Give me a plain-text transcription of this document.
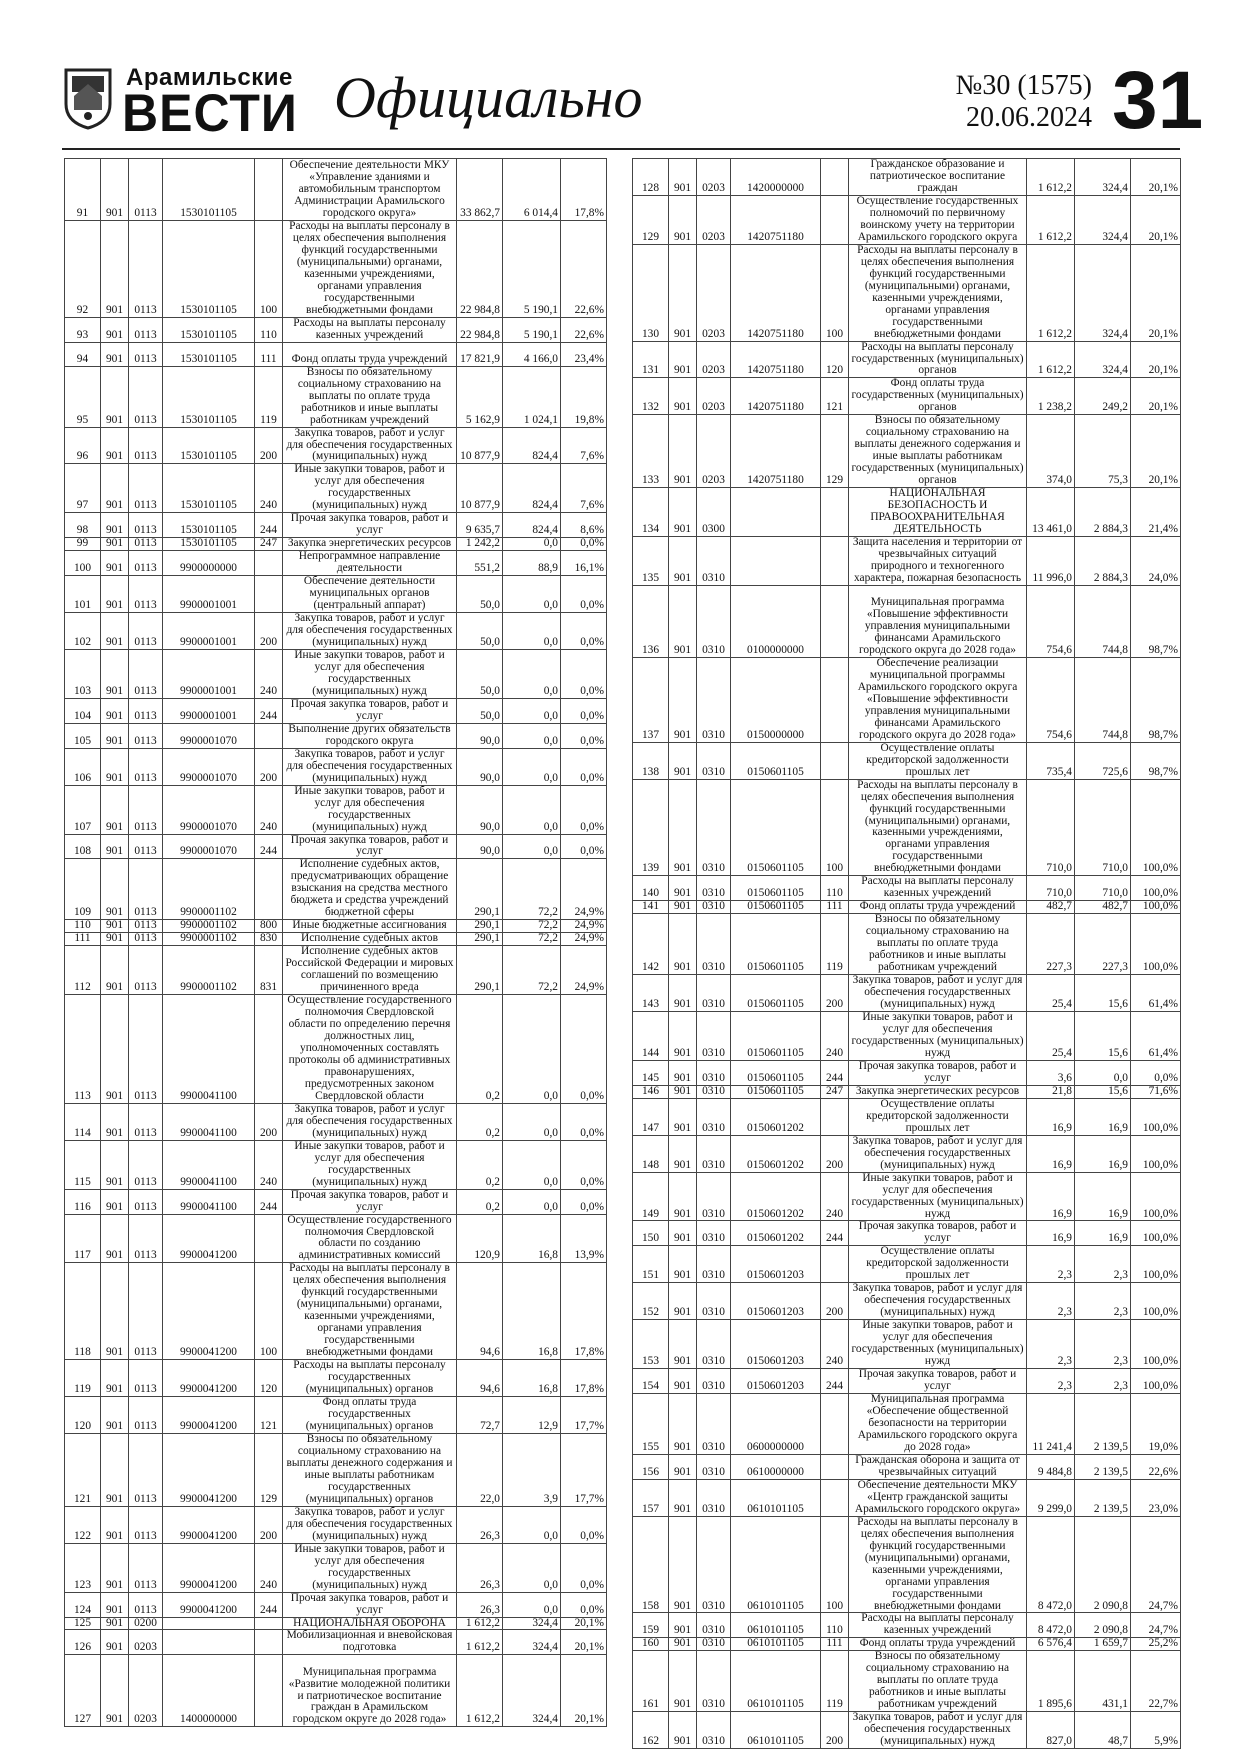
Арамильские
ВЕСТИ Официально	№30 (1575)
20.06.2024 31
91	901	0113	1530101105		Обеспечение деятельности МКУ «Управление зданиями и автомобильным транспортом Администрации Арамильского городского округа»	33 862,7	6 014,4	17,8%
92	901	0113	1530101105	100	Расходы на выплаты персоналу в целях обеспечения выполнения функций государственными (муниципальными) органами, казенными учреждениями, органами управления государственными внебюджетными фондами	22 984,8	5 190,1	22,6%
93	901	0113	1530101105	110	Расходы на выплаты персоналу казенных учреждений	22 984,8	5 190,1	22,6%
94	901	0113	1530101105	111	Фонд оплаты труда учреждений	17 821,9	4 166,0	23,4%
95	901	0113	1530101105	119	Взносы по обязательному социальному страхованию на выплаты по оплате труда работников и иные выплаты работникам учреждений	5 162,9	1 024,1	19,8%
96	901	0113	1530101105	200	Закупка товаров, работ и услуг для обеспечения государственных (муниципальных) нужд	10 877,9	824,4	7,6%
97	901	0113	1530101105	240	Иные закупки товаров, работ и услуг для обеспечения государственных (муниципальных) нужд	10 877,9	824,4	7,6%
98	901	0113	1530101105	244	Прочая закупка товаров, работ и услуг	9 635,7	824,4	8,6%
99	901	0113	1530101105	247	Закупка энергетических ресурсов	1 242,2	0,0	0,0%
100	901	0113	9900000000		Непрограммное направление деятельности	551,2	88,9	16,1%
101	901	0113	9900001001		Обеспечение деятельности муниципальных органов (центральный аппарат)	50,0	0,0	0,0%
102	901	0113	9900001001	200	Закупка товаров, работ и услуг для обеспечения государственных (муниципальных) нужд	50,0	0,0	0,0%
103	901	0113	9900001001	240	Иные закупки товаров, работ и услуг для обеспечения государственных (муниципальных) нужд	50,0	0,0	0,0%
104	901	0113	9900001001	244	Прочая закупка товаров, работ и услуг	50,0	0,0	0,0%
105	901	0113	9900001070		Выполнение других обязательств городского округа	90,0	0,0	0,0%
106	901	0113	9900001070	200	Закупка товаров, работ и услуг для обеспечения государственных (муниципальных) нужд	90,0	0,0	0,0%
107	901	0113	9900001070	240	Иные закупки товаров, работ и услуг для обеспечения государственных (муниципальных) нужд	90,0	0,0	0,0%
108	901	0113	9900001070	244	Прочая закупка товаров, работ и услуг	90,0	0,0	0,0%
109	901	0113	9900001102		Исполнение судебных актов, предусматривающих обращение взыскания на средства местного бюджета и средства учреждений бюджетной сферы	290,1	72,2	24,9%
110	901	0113	9900001102	800	Иные бюджетные ассигнования	290,1	72,2	24,9%
111	901	0113	9900001102	830	Исполнение судебных актов	290,1	72,2	24,9%
112	901	0113	9900001102	831	Исполнение судебных актов Российской Федерации и мировых соглашений по возмещению причиненного вреда	290,1	72,2	24,9%
113	901	0113	9900041100		Осуществление государственного полномочия Свердловской области по определению перечня должностных лиц, уполномоченных составлять протоколы об административных правонарушениях, предусмотренных законом Свердловской области	0,2	0,0	0,0%
114	901	0113	9900041100	200	Закупка товаров, работ и услуг для обеспечения государственных (муниципальных) нужд	0,2	0,0	0,0%
115	901	0113	9900041100	240	Иные закупки товаров, работ и услуг для обеспечения государственных (муниципальных) нужд	0,2	0,0	0,0%
116	901	0113	9900041100	244	Прочая закупка товаров, работ и услуг	0,2	0,0	0,0%
117	901	0113	9900041200		Осуществление государственного полномочия Свердловской области по созданию административных комиссий	120,9	16,8	13,9%
118	901	0113	9900041200	100	Расходы на выплаты персоналу в целях обеспечения выполнения функций государственными (муниципальными) органами, казенными учреждениями, органами управления государственными внебюджетными фондами	94,6	16,8	17,8%
119	901	0113	9900041200	120	Расходы на выплаты персоналу государственных (муниципальных) органов	94,6	16,8	17,8%
120	901	0113	9900041200	121	Фонд оплаты труда государственных (муниципальных) органов	72,7	12,9	17,7%
121	901	0113	9900041200	129	Взносы по обязательному социальному страхованию на выплаты денежного содержания и иные выплаты работникам государственных (муниципальных) органов	22,0	3,9	17,7%
122	901	0113	9900041200	200	Закупка товаров, работ и услуг для обеспечения государственных (муниципальных) нужд	26,3	0,0	0,0%
123	901	0113	9900041200	240	Иные закупки товаров, работ и услуг для обеспечения государственных (муниципальных) нужд	26,3	0,0	0,0%
124	901	0113	9900041200	244	Прочая закупка товаров, работ и услуг	26,3	0,0	0,0%
125	901	0200			НАЦИОНАЛЬНАЯ ОБОРОНА	1 612,2	324,4	20,1%
126	901	0203			Мобилизационная и вневойсковая подготовка	1 612,2	324,4	20,1%
127	901	0203	1400000000		Муниципальная программа «Развитие молодежной политики и патриотическое воспитание граждан в Арамильском городском округе до 2028 года»	1 612,2	324,4	20,1%
128	901	0203	1420000000		Гражданское образование и патриотическое воспитание граждан	1 612,2	324,4	20,1%
129	901	0203	1420751180		Осуществление государственных полномочий по первичному воинскому учету на территории Арамильского городского округа	1 612,2	324,4	20,1%
130	901	0203	1420751180	100	Расходы на выплаты персоналу в целях обеспечения выполнения функций государственными (муниципальными) органами, казенными учреждениями, органами управления государственными внебюджетными фондами	1 612,2	324,4	20,1%
131	901	0203	1420751180	120	Расходы на выплаты персоналу государственных (муниципальных) органов	1 612,2	324,4	20,1%
132	901	0203	1420751180	121	Фонд оплаты труда государственных (муниципальных) органов	1 238,2	249,2	20,1%
133	901	0203	1420751180	129	Взносы по обязательному социальному страхованию на выплаты денежного содержания и иные выплаты работникам государственных (муниципальных) органов	374,0	75,3	20,1%
134	901	0300			НАЦИОНАЛЬНАЯ БЕЗОПАСНОСТЬ И ПРАВООХРАНИТЕЛЬНАЯ ДЕЯТЕЛЬНОСТЬ	13 461,0	2 884,3	21,4%
135	901	0310			Защита населения и территории от чрезвычайных ситуаций природного и техногенного характера, пожарная безопасность	11 996,0	2 884,3	24,0%
136	901	0310	0100000000		Муниципальная программа «Повышение эффективности управления муниципальными финансами Арамильского городского округа до 2028 года»	754,6	744,8	98,7%
137	901	0310	0150000000		Обеспечение реализации муниципальной программы Арамильского городского округа «Повышение эффективности управления муниципальными финансами Арамильского городского округа до 2028 года»	754,6	744,8	98,7%
138	901	0310	0150601105		Осуществление оплаты кредиторской задолженности прошлых лет	735,4	725,6	98,7%
139	901	0310	0150601105	100	Расходы на выплаты персоналу в целях обеспечения выполнения функций государственными (муниципальными) органами, казенными учреждениями, органами управления государственными внебюджетными фондами	710,0	710,0	100,0%
140	901	0310	0150601105	110	Расходы на выплаты персоналу казенных учреждений	710,0	710,0	100,0%
141	901	0310	0150601105	111	Фонд оплаты труда учреждений	482,7	482,7	100,0%
142	901	0310	0150601105	119	Взносы по обязательному социальному страхованию на выплаты по оплате труда работников и иные выплаты работникам учреждений	227,3	227,3	100,0%
143	901	0310	0150601105	200	Закупка товаров, работ и услуг для обеспечения государственных (муниципальных) нужд	25,4	15,6	61,4%
144	901	0310	0150601105	240	Иные закупки товаров, работ и услуг для обеспечения государственных (муниципальных) нужд	25,4	15,6	61,4%
145	901	0310	0150601105	244	Прочая закупка товаров, работ и услуг	3,6	0,0	0,0%
146	901	0310	0150601105	247	Закупка энергетических ресурсов	21,8	15,6	71,6%
147	901	0310	0150601202		Осуществление оплаты кредиторской задолженности прошлых лет	16,9	16,9	100,0%
148	901	0310	0150601202	200	Закупка товаров, работ и услуг для обеспечения государственных (муниципальных) нужд	16,9	16,9	100,0%
149	901	0310	0150601202	240	Иные закупки товаров, работ и услуг для обеспечения государственных (муниципальных) нужд	16,9	16,9	100,0%
150	901	0310	0150601202	244	Прочая закупка товаров, работ и услуг	16,9	16,9	100,0%
151	901	0310	0150601203		Осуществление оплаты кредиторской задолженности прошлых лет	2,3	2,3	100,0%
152	901	0310	0150601203	200	Закупка товаров, работ и услуг для обеспечения государственных (муниципальных) нужд	2,3	2,3	100,0%
153	901	0310	0150601203	240	Иные закупки товаров, работ и услуг для обеспечения государственных (муниципальных) нужд	2,3	2,3	100,0%
154	901	0310	0150601203	244	Прочая закупка товаров, работ и услуг	2,3	2,3	100,0%
155	901	0310	0600000000		Муниципальная программа «Обеспечение общественной безопасности на территории Арамильского городского округа до 2028 года»	11 241,4	2 139,5	19,0%
156	901	0310	0610000000		Гражданская оборона и защита от чрезвычайных ситуаций	9 484,8	2 139,5	22,6%
157	901	0310	0610101105		Обеспечение деятельности МКУ «Центр гражданской защиты Арамильского городского округа»	9 299,0	2 139,5	23,0%
158	901	0310	0610101105	100	Расходы на выплаты персоналу в целях обеспечения выполнения функций государственными (муниципальными) органами, казенными учреждениями, органами управления государственными внебюджетными фондами	8 472,0	2 090,8	24,7%
159	901	0310	0610101105	110	Расходы на выплаты персоналу казенных учреждений	8 472,0	2 090,8	24,7%
160	901	0310	0610101105	111	Фонд оплаты труда учреждений	6 576,4	1 659,7	25,2%
161	901	0310	0610101105	119	Взносы по обязательному социальному страхованию на выплаты по оплате труда работников и иные выплаты работникам учреждений	1 895,6	431,1	22,7%
162	901	0310	0610101105	200	Закупка товаров, работ и услуг для обеспечения государственных (муниципальных) нужд	827,0	48,7	5,9%
